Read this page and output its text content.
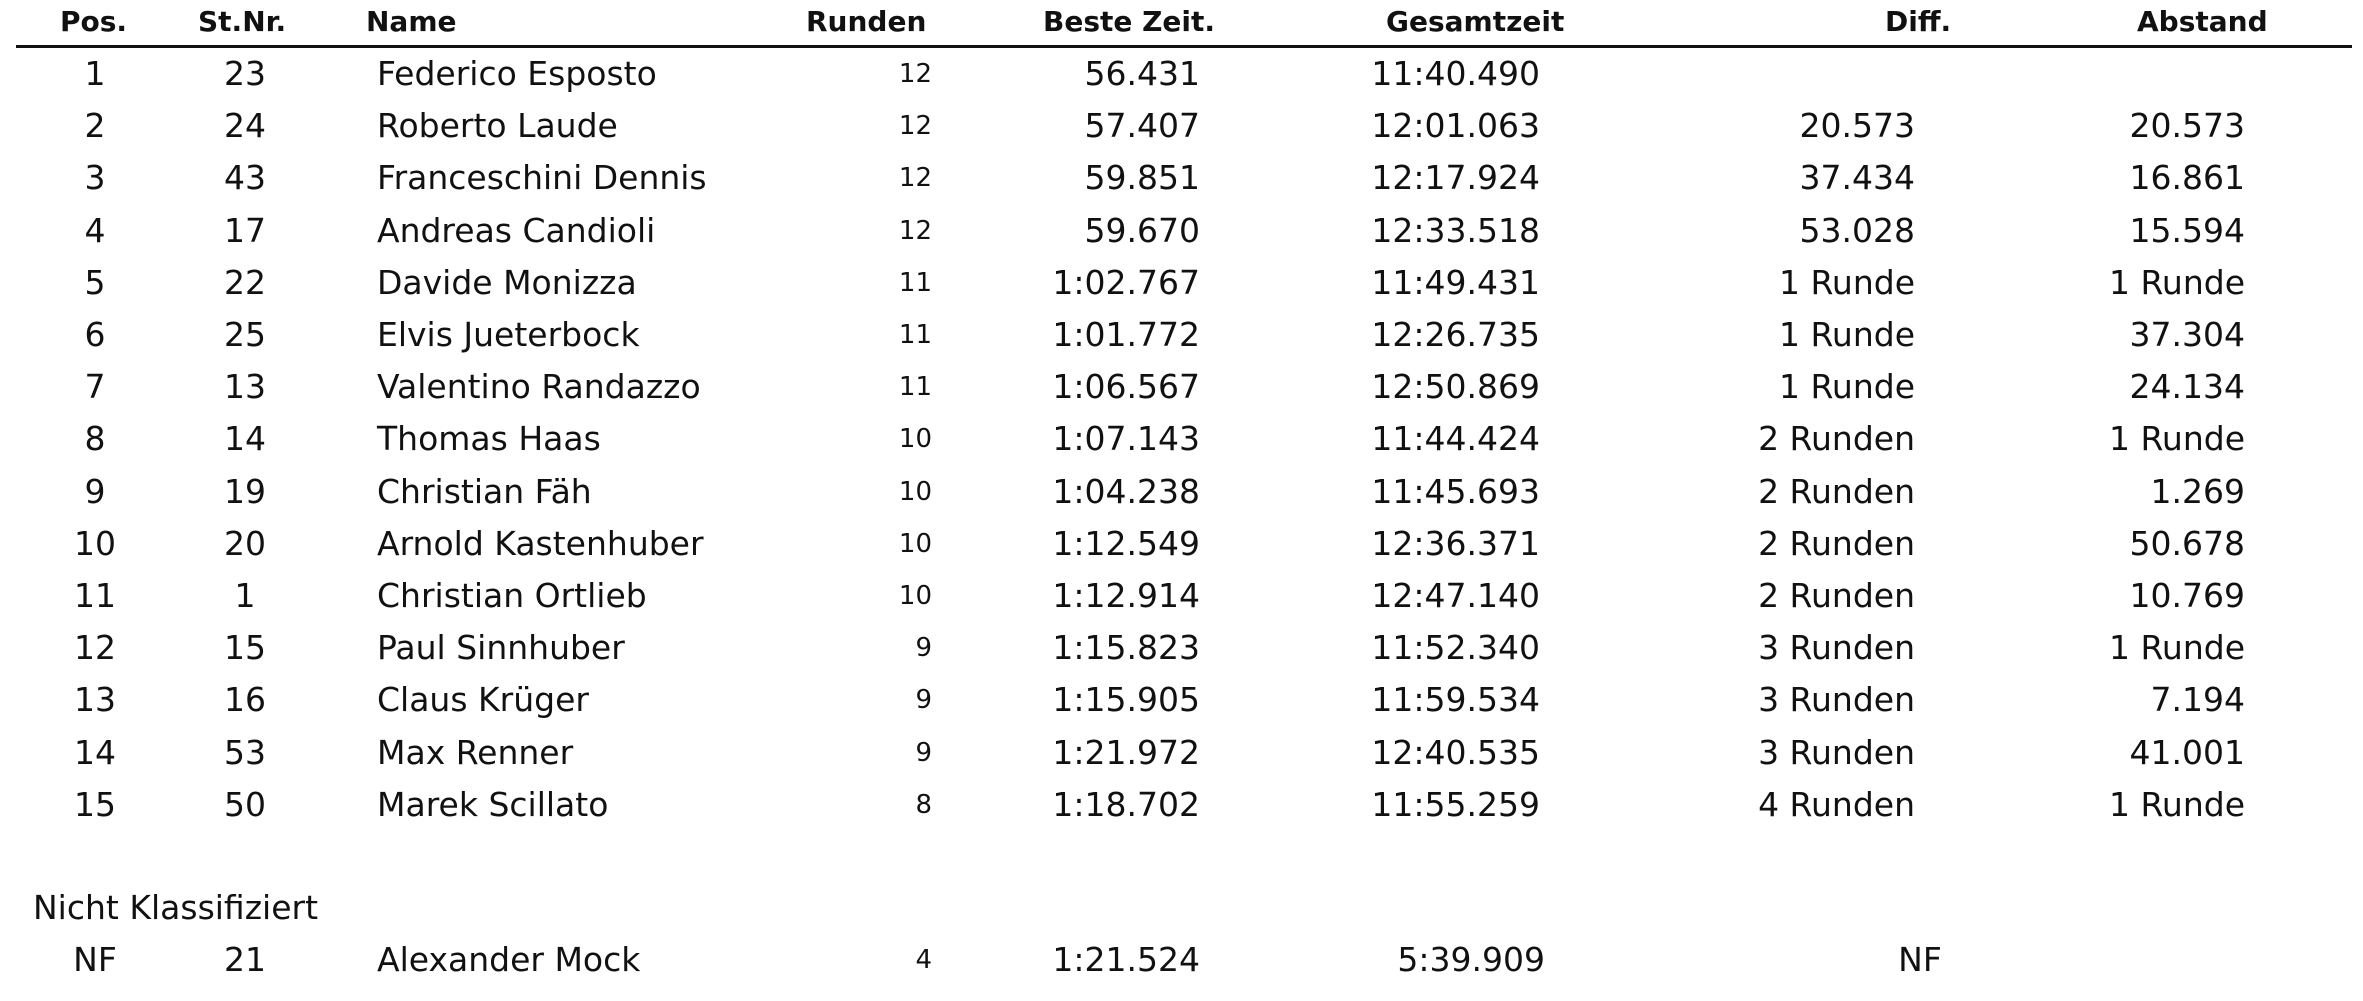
Pos.	St.Nr.	Name	Runden	Beste Zeit.	Gesamtzeit	Diff.	Abstand
1	23	Federico Esposto	12	56.431	11:40.490
2	24	Roberto Laude	12	57.407	12:01.063	20.573	20.573
3	43	Franceschini Dennis	12	59.851	12:17.924	37.434	16.861
4	17	Andreas Candioli	12	59.670	12:33.518	53.028	15.594
5	22	Davide Monizza	11	1:02.767	11:49.431	1 Runde	1 Runde
6	25	Elvis Jueterbock	11	1:01.772	12:26.735	1 Runde	37.304
7	13	Valentino Randazzo	11	1:06.567	12:50.869	1 Runde	24.134
8	14	Thomas Haas	10	1:07.143	11:44.424	2 Runden	1 Runde
9	19	Christian Fäh	10	1:04.238	11:45.693	2 Runden	1.269
10	20	Arnold Kastenhuber	10	1:12.549	12:36.371	2 Runden	50.678
11	1	Christian Ortlieb	10	1:12.914	12:47.140	2 Runden	10.769
12	15	Paul Sinnhuber	9	1:15.823	11:52.340	3 Runden	1 Runde
13	16	Claus Krüger	9	1:15.905	11:59.534	3 Runden	7.194
14	53	Max Renner	9	1:21.972	12:40.535	3 Runden	41.001
15	50	Marek Scillato	8	1:18.702	11:55.259	4 Runden	1 Runde
Nicht Klassifiziert
NF	21	Alexander Mock	4	1:21.524	5:39.909	NF
